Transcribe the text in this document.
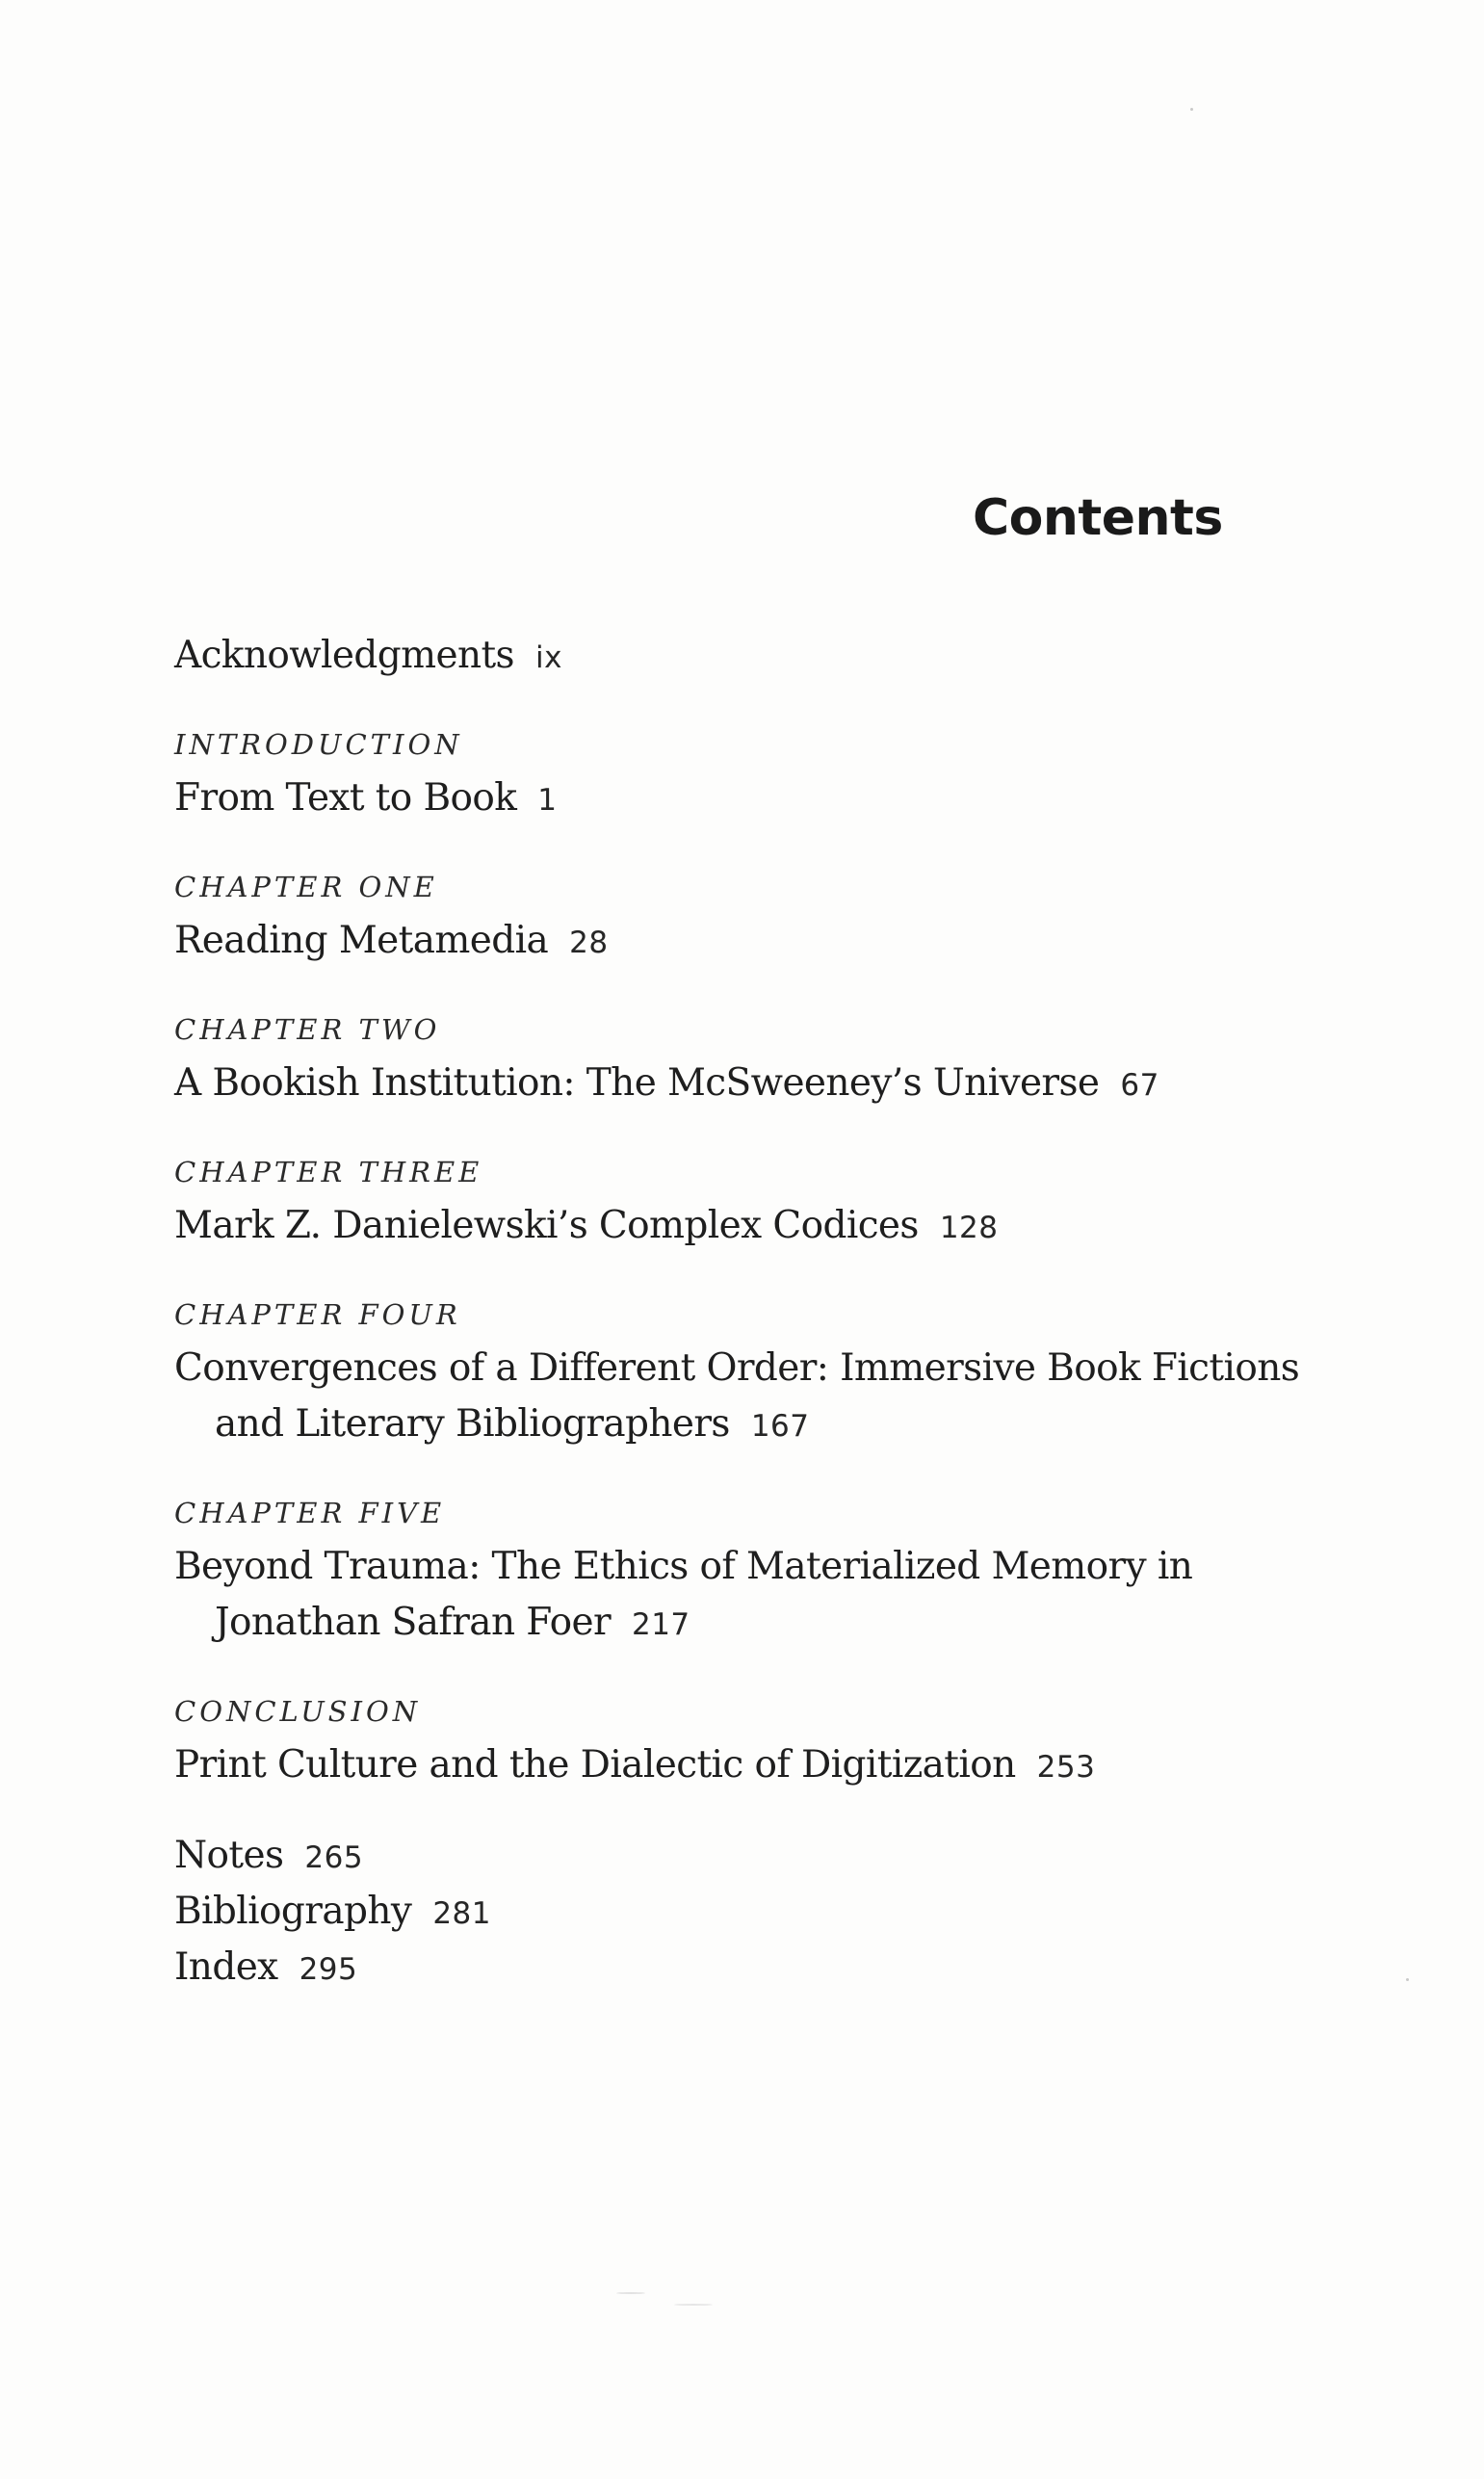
Contents
Acknowledgments ix
INTRODUCTION
From Text to Book 1
CHAPTER ONE
Reading Metamedia 28
CHAPTER TWO
A Bookish Institution: The McSweeney’s Universe 67
CHAPTER THREE
Mark Z. Danielewski’s Complex Codices 128
CHAPTER FOUR
Convergences of a Different Order: Immersive Book Fictions
and Literary Bibliographers 167
CHAPTER FIVE
Beyond Trauma: The Ethics of Materialized Memory in
Jonathan Safran Foer 217
CONCLUSION
Print Culture and the Dialectic of Digitization 253
Notes 265
Bibliography 281
Index 295
